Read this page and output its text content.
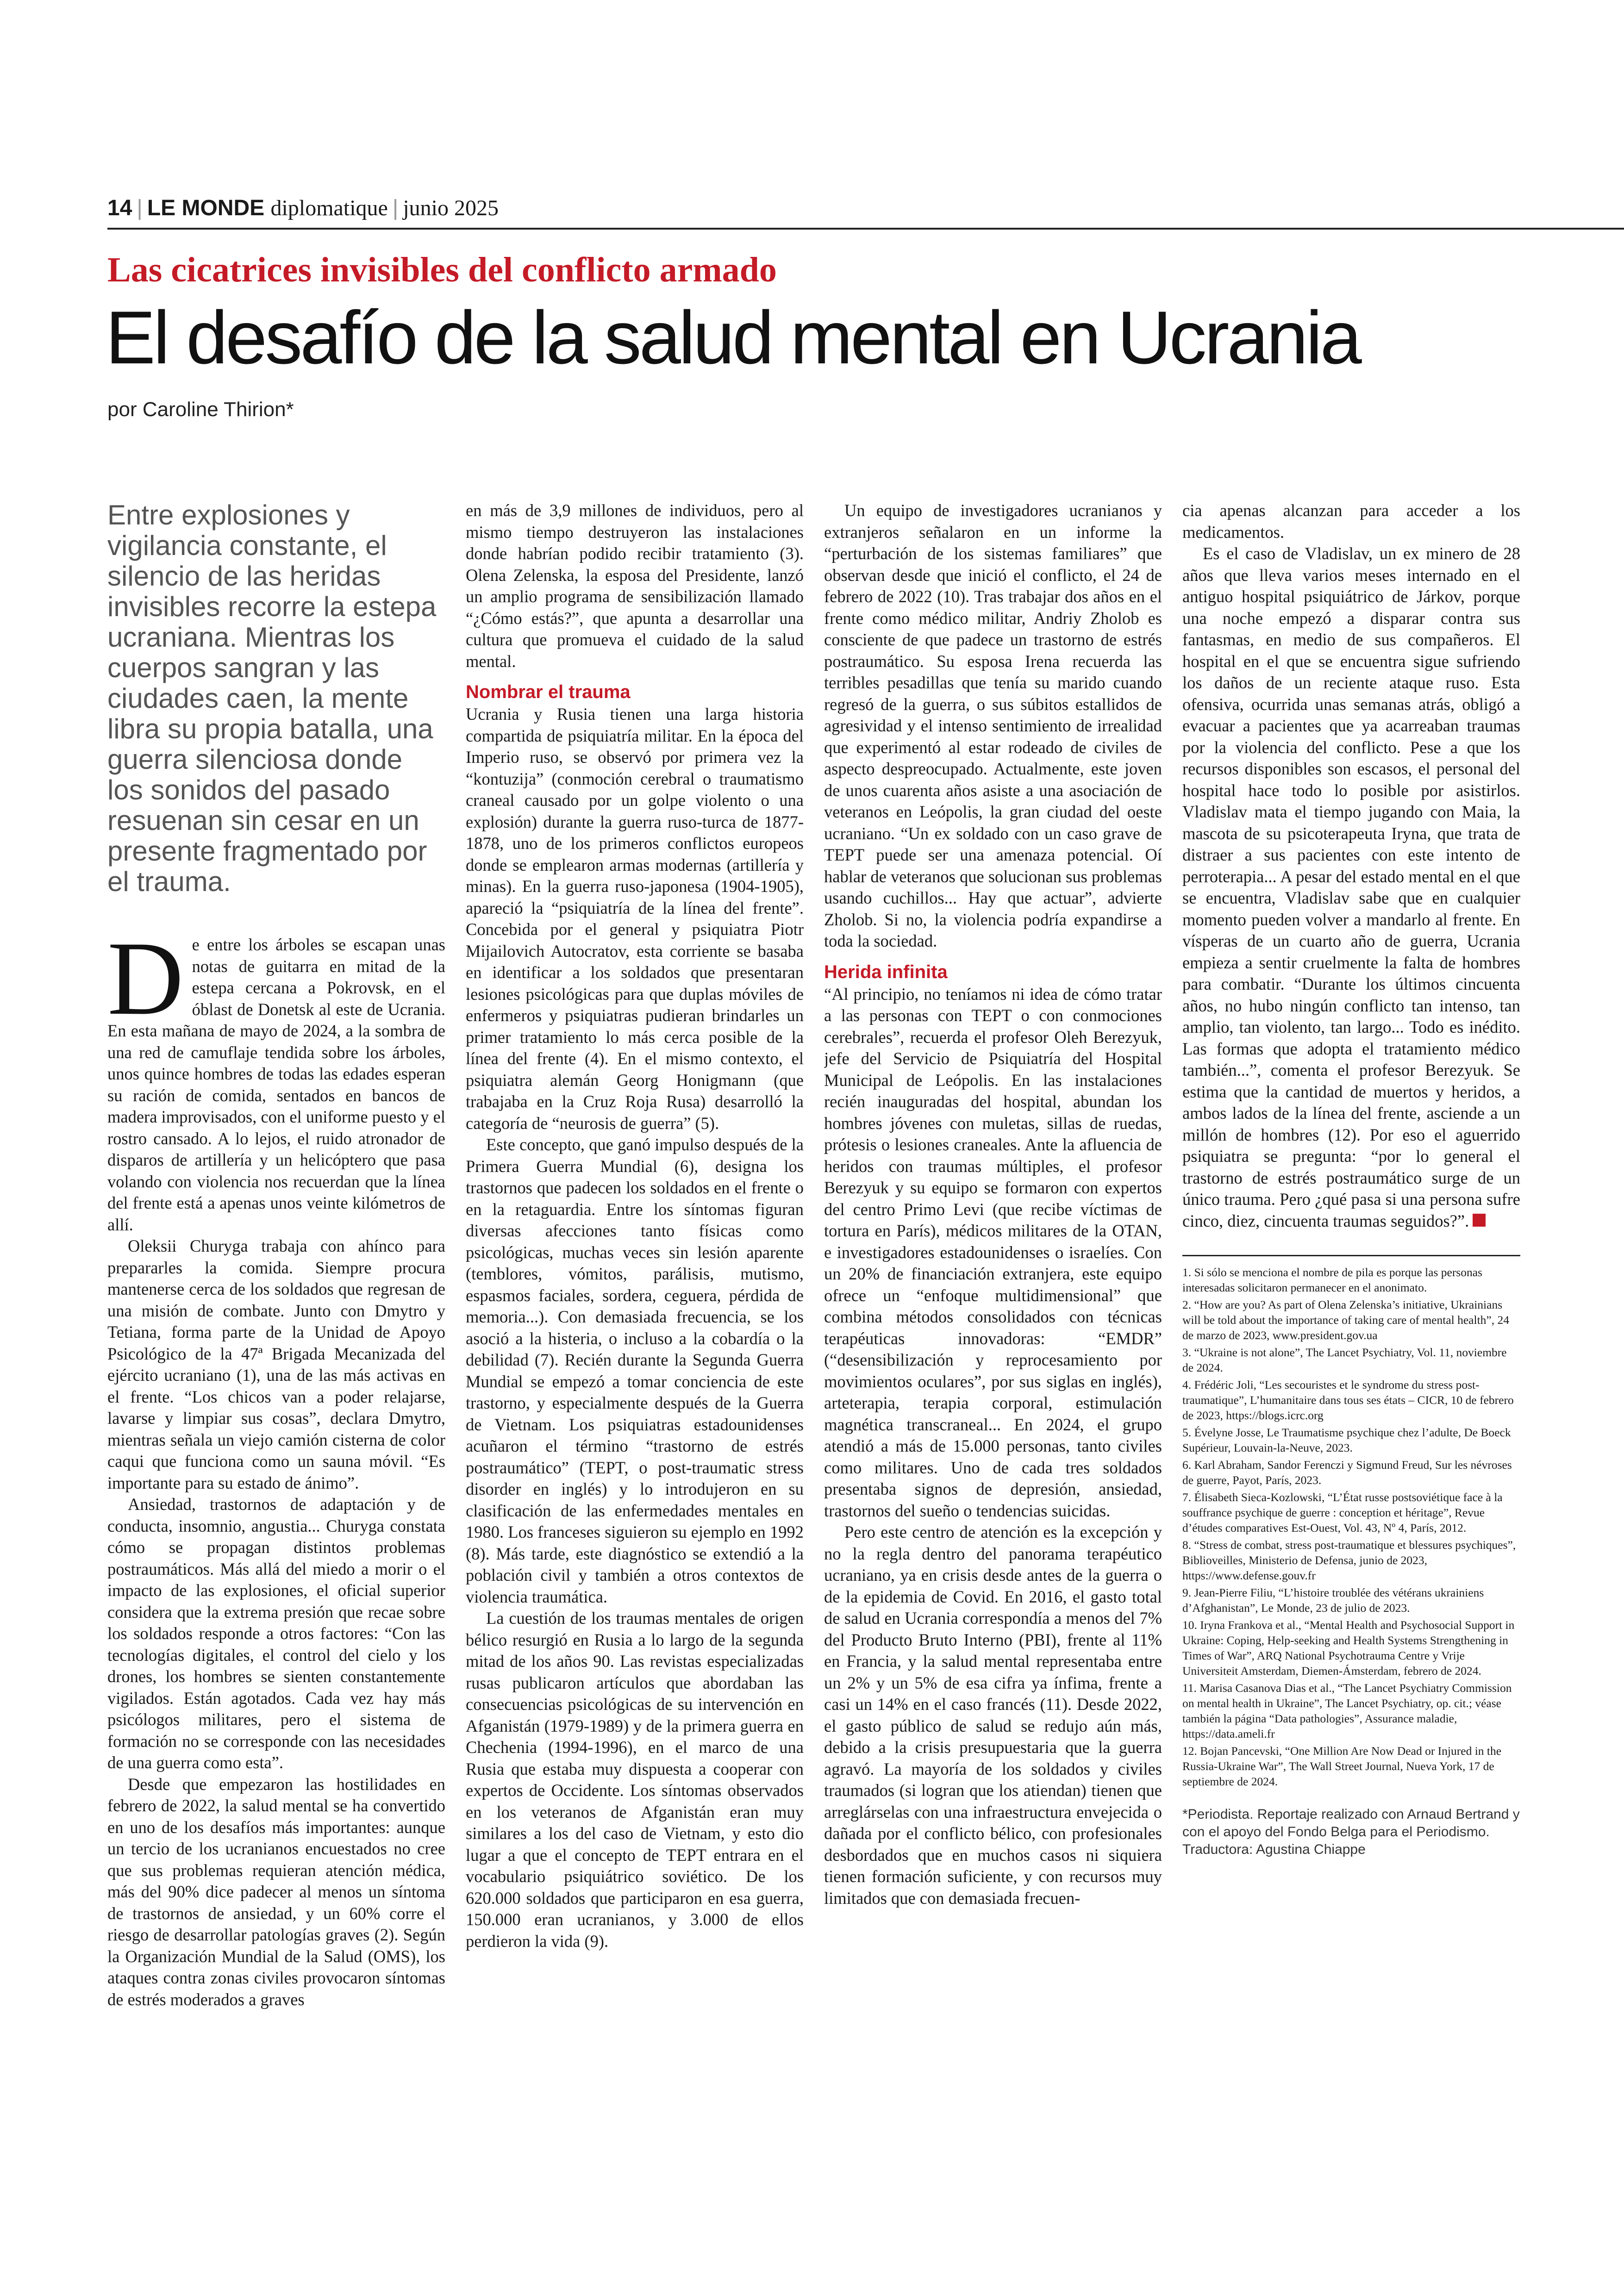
14 | LE MONDE diplomatique | junio 2025
Las cicatrices invisibles del conflicto armado
El desafío de la salud mental en Ucrania
por Caroline Thirion*
Entre explosiones y vigilancia constante, el silencio de las heridas invisibles recorre la estepa ucraniana. Mientras los cuerpos sangran y las ciudades caen, la mente libra su propia batalla, una guerra silenciosa donde los sonidos del pasado resuenan sin cesar en un presente fragmentado por el trauma.

De entre los árboles se escapan unas notas de guitarra en mitad de la estepa cercana a Pokrovsk, en el óblast de Donetsk al este de Ucrania. En esta mañana de mayo de 2024, a la sombra de una red de camuflaje tendida sobre los árboles, unos quince hombres de todas las edades esperan su ración de comida, sentados en bancos de madera improvisados, con el uniforme puesto y el rostro cansado. A lo lejos, el ruido atronador de disparos de artillería y un helicóptero que pasa volando con violencia nos recuerdan que la línea del frente está a apenas unos veinte kilómetros de allí.

Oleksii Churyga trabaja con ahínco para prepararles la comida. Siempre procura mantenerse cerca de los soldados que regresan de una misión de combate. Junto con Dmytro y Tetiana, forma parte de la Unidad de Apoyo Psicológico de la 47ª Brigada Mecanizada del ejército ucraniano (1), una de las más activas en el frente. “Los chicos van a poder relajarse, lavarse y limpiar sus cosas”, declara Dmytro, mientras señala un viejo camión cisterna de color caqui que funciona como un sauna móvil. “Es importante para su estado de ánimo”.

Ansiedad, trastornos de adaptación y de conducta, insomnio, angustia... Churyga constata cómo se propagan distintos problemas postraumáticos. Más allá del miedo a morir o el impacto de las explosiones, el oficial superior considera que la extrema presión que recae sobre los soldados responde a otros factores: “Con las tecnologías digitales, el control del cielo y los drones, los hombres se sienten constantemente vigilados. Están agotados. Cada vez hay más psicólogos militares, pero el sistema de formación no se corresponde con las necesidades de una guerra como esta”.

Desde que empezaron las hostilidades en febrero de 2022, la salud mental se ha convertido en uno de los desafíos más importantes: aunque un tercio de los ucranianos encuestados no cree que sus problemas requieran atención médica, más del 90% dice padecer al menos un síntoma de trastornos de ansiedad, y un 60% corre el riesgo de desarrollar patologías graves (2). Según la Organización Mundial de la Salud (OMS), los ataques contra zonas civiles provocaron síntomas de estrés moderados a graves

en más de 3,9 millones de individuos, pero al mismo tiempo destruyeron las instalaciones donde habrían podido recibir tratamiento (3). Olena Zelenska, la esposa del Presidente, lanzó un amplio programa de sensibilización llamado “¿Cómo estás?”, que apunta a desarrollar una cultura que promueva el cuidado de la salud mental.

Nombrar el trauma

Ucrania y Rusia tienen una larga historia compartida de psiquiatría militar. En la época del Imperio ruso, se observó por primera vez la “kontuzija” (conmoción cerebral o traumatismo craneal causado por un golpe violento o una explosión) durante la guerra ruso-turca de 1877-1878, uno de los primeros conflictos europeos donde se emplearon armas modernas (artillería y minas). En la guerra ruso-japonesa (1904-1905), apareció la “psiquiatría de la línea del frente”. Concebida por el general y psiquiatra Piotr Mijailovich Autocratov, esta corriente se basaba en identificar a los soldados que presentaran lesiones psicológicas para que duplas móviles de enfermeros y psiquiatras pudieran brindarles un primer tratamiento lo más cerca posible de la línea del frente (4). En el mismo contexto, el psiquiatra alemán Georg Honigmann (que trabajaba en la Cruz Roja Rusa) desarrolló la categoría de “neurosis de guerra” (5).

Este concepto, que ganó impulso después de la Primera Guerra Mundial (6), designa los trastornos que padecen los soldados en el frente o en la retaguardia. Entre los síntomas figuran diversas afecciones tanto físicas como psicológicas, muchas veces sin lesión aparente (temblores, vómitos, parálisis, mutismo, espasmos faciales, sordera, ceguera, pérdida de memoria...). Con demasiada frecuencia, se los asoció a la histeria, o incluso a la cobardía o la debilidad (7). Recién durante la Segunda Guerra Mundial se empezó a tomar conciencia de este trastorno, y especialmente después de la Guerra de Vietnam. Los psiquiatras estadounidenses acuñaron el término “trastorno de estrés postraumático” (TEPT, o post-traumatic stress disorder en inglés) y lo introdujeron en su clasificación de las enfermedades mentales en 1980. Los franceses siguieron su ejemplo en 1992 (8). Más tarde, este diagnóstico se extendió a la población civil y también a otros contextos de violencia traumática.

La cuestión de los traumas mentales de origen bélico resurgió en Rusia a lo largo de la segunda mitad de los años 90. Las revistas especializadas rusas publicaron artículos que abordaban las consecuencias psicológicas de su intervención en Afganistán (1979-1989) y de la primera guerra en Chechenia (1994-1996), en el marco de una Rusia que estaba muy dispuesta a cooperar con expertos de Occidente. Los síntomas observados en los veteranos de Afganistán eran muy similares a los del caso de Vietnam, y esto dio lugar a que el concepto de TEPT entrara en el vocabulario psiquiátrico soviético. De los 620.000 soldados que participaron en esa guerra, 150.000 eran ucranianos, y 3.000 de ellos perdieron la vida (9).

Un equipo de investigadores ucranianos y extranjeros señalaron en un informe la “perturbación de los sistemas familiares” que observan desde que inició el conflicto, el 24 de febrero de 2022 (10). Tras trabajar dos años en el frente como médico militar, Andriy Zholob es consciente de que padece un trastorno de estrés postraumático. Su esposa Irena recuerda las terribles pesadillas que tenía su marido cuando regresó de la guerra, o sus súbitos estallidos de agresividad y el intenso sentimiento de irrealidad que experimentó al estar rodeado de civiles de aspecto despreocupado. Actualmente, este joven de unos cuarenta años asiste a una asociación de veteranos en Leópolis, la gran ciudad del oeste ucraniano. “Un ex soldado con un caso grave de TEPT puede ser una amenaza potencial. Oí hablar de veteranos que solucionan sus problemas usando cuchillos... Hay que actuar”, advierte Zholob. Si no, la violencia podría expandirse a toda la sociedad.

Herida infinita

“Al principio, no teníamos ni idea de cómo tratar a las personas con TEPT o con conmociones cerebrales”, recuerda el profesor Oleh Berezyuk, jefe del Servicio de Psiquiatría del Hospital Municipal de Leópolis. En las instalaciones recién inauguradas del hospital, abundan los hombres jóvenes con muletas, sillas de ruedas, prótesis o lesiones craneales. Ante la afluencia de heridos con traumas múltiples, el profesor Berezyuk y su equipo se formaron con expertos del centro Primo Levi (que recibe víctimas de tortura en París), médicos militares de la OTAN, e investigadores estadounidenses o israelíes. Con un 20% de financiación extranjera, este equipo ofrece un “enfoque multidimensional” que combina métodos consolidados con técnicas terapéuticas innovadoras: “EMDR” (“desensibilización y reprocesamiento por movimientos oculares”, por sus siglas en inglés), arteterapia, terapia corporal, estimulación magnética transcraneal... En 2024, el grupo atendió a más de 15.000 personas, tanto civiles como militares. Uno de cada tres soldados presentaba signos de depresión, ansiedad, trastornos del sueño o tendencias suicidas.

Pero este centro de atención es la excepción y no la regla dentro del panorama terapéutico ucraniano, ya en crisis desde antes de la guerra o de la epidemia de Covid. En 2016, el gasto total de salud en Ucrania correspondía a menos del 7% del Producto Bruto Interno (PBI), frente al 11% en Francia, y la salud mental representaba entre un 2% y un 5% de esa cifra ya ínfima, frente a casi un 14% en el caso francés (11). Desde 2022, el gasto público de salud se redujo aún más, debido a la crisis presupuestaria que la guerra agravó. La mayoría de los soldados y civiles traumados (si logran que los atiendan) tienen que arreglárselas con una infraestructura envejecida o dañada por el conflicto bélico, con profesionales desbordados que en muchos casos ni siquiera tienen formación suficiente, y con recursos muy limitados que con demasiada frecuen-

cia apenas alcanzan para acceder a los medicamentos.

Es el caso de Vladislav, un ex minero de 28 años que lleva varios meses internado en el antiguo hospital psiquiátrico de Járkov, porque una noche empezó a disparar contra sus fantasmas, en medio de sus compañeros. El hospital en el que se encuentra sigue sufriendo los daños de un reciente ataque ruso. Esta ofensiva, ocurrida unas semanas atrás, obligó a evacuar a pacientes que ya acarreaban traumas por la violencia del conflicto. Pese a que los recursos disponibles son escasos, el personal del hospital hace todo lo posible por asistirlos. Vladislav mata el tiempo jugando con Maia, la mascota de su psicoterapeuta Iryna, que trata de distraer a sus pacientes con este intento de perroterapia... A pesar del estado mental en el que se encuentra, Vladislav sabe que en cualquier momento pueden volver a mandarlo al frente. En vísperas de un cuarto año de guerra, Ucrania empieza a sentir cruelmente la falta de hombres para combatir. “Durante los últimos cincuenta años, no hubo ningún conflicto tan intenso, tan amplio, tan violento, tan largo... Todo es inédito. Las formas que adopta el tratamiento médico también...”, comenta el profesor Berezyuk. Se estima que la cantidad de muertos y heridos, a ambos lados de la línea del frente, asciende a un millón de hombres (12). Por eso el aguerrido psiquiatra se pregunta: “por lo general el trastorno de estrés postraumático surge de un único trauma. Pero ¿qué pasa si una persona sufre cinco, diez, cincuenta traumas seguidos?”.

1. Si sólo se menciona el nombre de pila es porque las personas interesadas solicitaron permanecer en el anonimato.
2. “How are you? As part of Olena Zelenska’s initiative, Ukrainians will be told about the importance of taking care of mental health”, 24 de marzo de 2023, www.president.gov.ua
3. “Ukraine is not alone”, The Lancet Psychiatry, Vol. 11, noviembre de 2024.
4. Frédéric Joli, “Les secouristes et le syndrome du stress post-traumatique”, L’humanitaire dans tous ses états – CICR, 10 de febrero de 2023, https://blogs.icrc.org
5. Évelyne Josse, Le Traumatisme psychique chez l’adulte, De Boeck Supérieur, Louvain-la-Neuve, 2023.
6. Karl Abraham, Sandor Ferenczi y Sigmund Freud, Sur les névroses de guerre, Payot, París, 2023.
7. Élisabeth Sieca-Kozlowski, “L’État russe postsoviétique face à la souffrance psychique de guerre : conception et héritage”, Revue d’études comparatives Est-Ouest, Vol. 43, Nº 4, París, 2012.
8. “Stress de combat, stress post-traumatique et blessures psychiques”, Biblioveilles, Ministerio de Defensa, junio de 2023, https://www.defense.gouv.fr
9. Jean-Pierre Filiu, “L’histoire troublée des vétérans ukrainiens d’Afghanistan”, Le Monde, 23 de julio de 2023.
10. Iryna Frankova et al., “Mental Health and Psychosocial Support in Ukraine: Coping, Help-seeking and Health Systems Strengthening in Times of War”, ARQ National Psychotrauma Centre y Vrije Universiteit Amsterdam, Diemen-Ámsterdam, febrero de 2024.
11. Marisa Casanova Dias et al., “The Lancet Psychiatry Commission on mental health in Ukraine”, The Lancet Psychiatry, op. cit.; véase también la página “Data pathologies”, Assurance maladie, https://data.ameli.fr
12. Bojan Pancevski, “One Million Are Now Dead or Injured in the Russia-Ukraine War”, The Wall Street Journal, Nueva York, 17 de septiembre de 2024.
*Periodista. Reportaje realizado con Arnaud Bertrand y con el apoyo del Fondo Belga para el Periodismo.
Traductora: Agustina Chiappe
